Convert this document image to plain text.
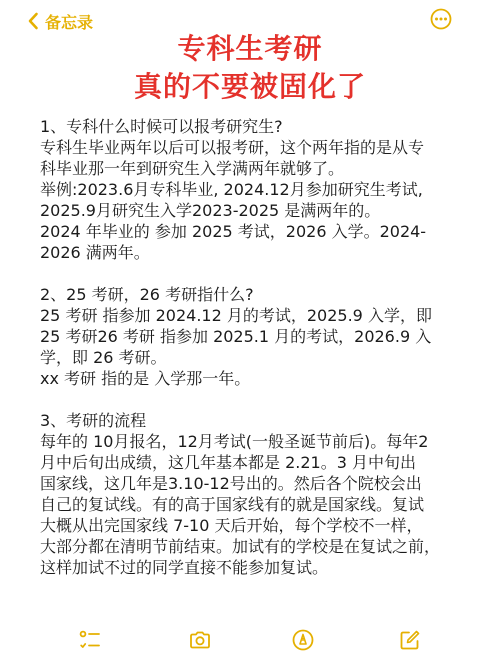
备忘录
专科生考研
真的不要被固化了
1、专科什么时候可以报考研究生?
专科生毕业两年以后可以报考研，这个两年指的是从专
科毕业那一年到研究生入学满两年就够了。
举例:2023.6月专科毕业, 2024.12月参加研究生考试,
2025.9月研究生入学2023-2025 是满两年的。
2024 年毕业的 参加 2025 考试，2026 入学。2024-
2026 满两年。
2、25 考研，26 考研指什么?
25 考研 指参加 2024.12 月的考试，2025.9 入学，即
25 考研26 考研 指参加 2025.1 月的考试，2026.9 入
学，即 26 考研。
xx 考研 指的是 入学那一年。
3、考研的流程
每年的 10月报名，12月考试(一般圣诞节前后)。每年2
月中后旬出成绩，这几年基本都是 2.21。3 月中旬出
国家线，这几年是3.10-12号出的。然后各个院校会出
自己的复试线。有的高于国家线有的就是国家线。复试
大概从出完国家线 7-10 天后开始，每个学校不一样，
大部分都在清明节前结束。加试有的学校是在复试之前，
这样加试不过的同学直接不能参加复试。
